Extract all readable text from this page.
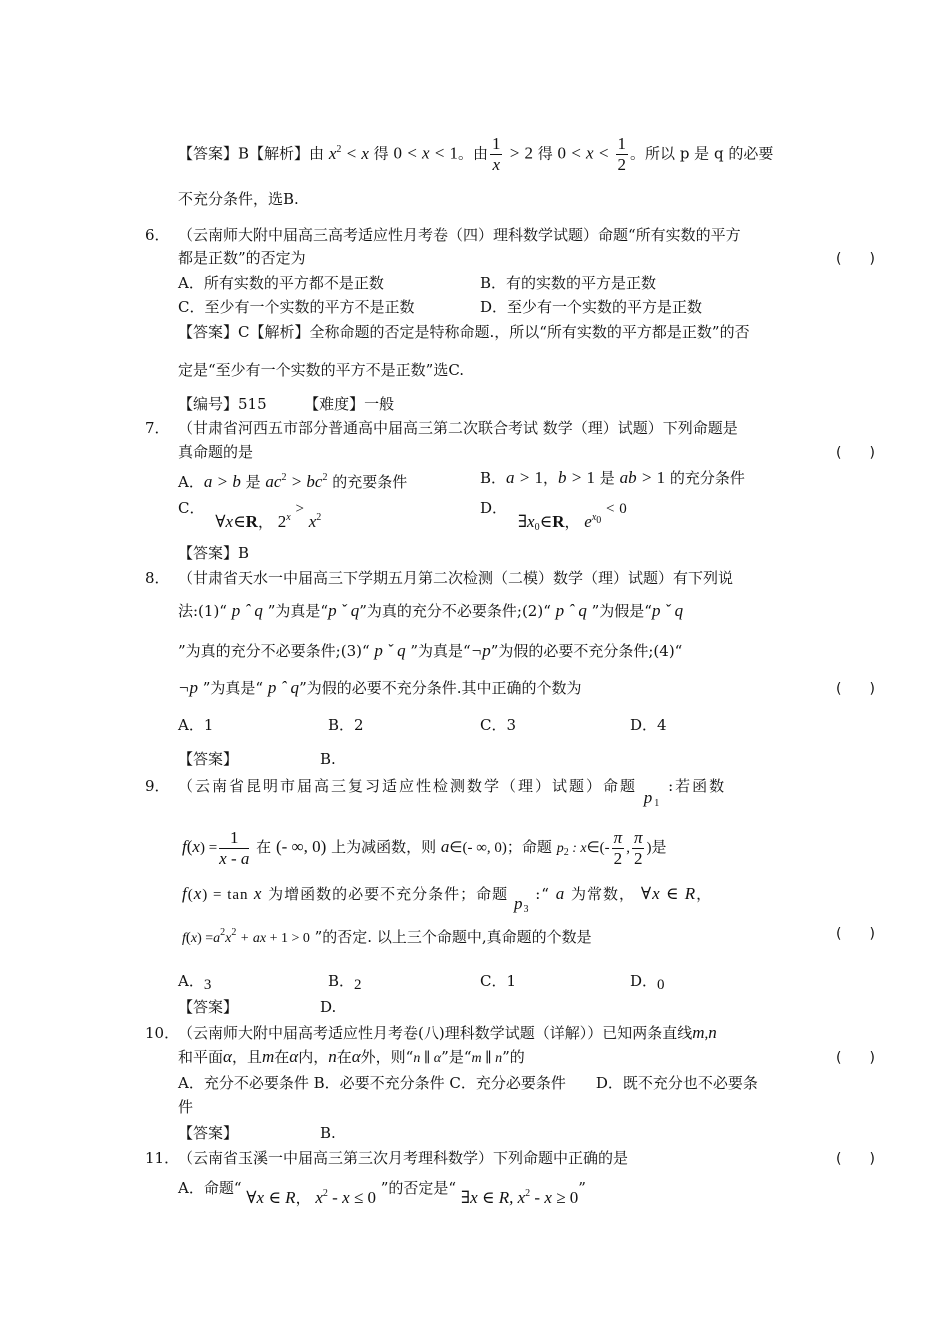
【答案】B【解析】由 $x^2 < x$ 得 0 < x < 1。由 $\frac{1}{x} > 2$ 得 $0 < x < \frac{1}{2}$ 。所以 p 是 q 的必要
不充分条件，选B.
6． （云南师大附中届高三高考适应性月考卷（四）理科数学试题）命题“所有实数的平方
都是正数”的否定为	(　　)
A．所有实数的平方都不是正数	B．有的实数的平方是正数
C．至少有一个实数的平方不是正数	D．至少有一个实数的平方是正数
【答案】C【解析】全称命题的否定是特称命题.，所以“所有实数的平方都是正数”的否
定是“至少有一个实数的平方不是正数”选C.
【编号】515　　　【难度】一般
7． （甘肃省河西五市部分普通高中届高三第二次联合考试 数学（理）试题）下列命题是
真命题的是	(　　)
A．a > b 是 $ac^2 > bc^2$ 的充要条件	B．a > 1，b > 1 是 ab > 1 的充分条件
C． ∀x∈R， $2^x > x^2$
D． $\exists x_0\in R$， $e^{x_0} < 0$
【答案】B
8． （甘肃省天水一中届高三下学期五月第二次检测（二模）数学（理）试题）有下列说
法:(1)“ p ˆ q ”为真是“p ˇ q”为真的充分不必要条件;(2)“ p ˆ q ”为假是“p ˇ q
”为真的充分不必要条件;(3)“ p ˇ q ”为真是“¬p”为假的必要不充分条件;(4)“
¬p ”为真是“ p ˆ q”为假的必要不充分条件.其中正确的个数为	(　　)
A．1	B．2	C．3	D．4
【答案】	B.
9． （云南省昆明市届高三复习适应性检测数学（理）试题）命题 $p_1$ :若函数
$f(x) = \frac{1}{x - a}$ 在 (- ∞, 0) 上为减函数，则 a∈(- ∞, 0)；命题 $p_2$ : x∈(- $\frac{\pi}{2}$ , $\frac{\pi}{2}$ )是
f(x) = tan x 为增函数的必要不充分条件；命题 $p_3$ :“ a 为常数， ∀x ∈ R，
$f(x) =a^2x^2$ + ax + 1 > 0 ”的否定. 以上三个命题中,真命题的个数是	(　　)
A．3	B．2	C．1	D．0
【答案】	D.
10．
（云南师大附中届高考适应性月考卷(八)理科数学试题（详解））已知两条直线m,n
和平面α，且m在α内，n在α外，则“n ∥ α”是“m ∥ n”的	(　　)
A．充分不必要条件 B．必要不充分条件 C．充分必要条件　　D．既不充分也不必要条
件
【答案】	B.
11．
（云南省玉溪一中届高三第三次月考理科数学）下列命题中正确的是	(　　)
A．命题“ ∀x ∈ R， $x^2 - x \le 0$ ”的否定是“ ∃x ∈ R, $x^2 - x \ge 0$”
